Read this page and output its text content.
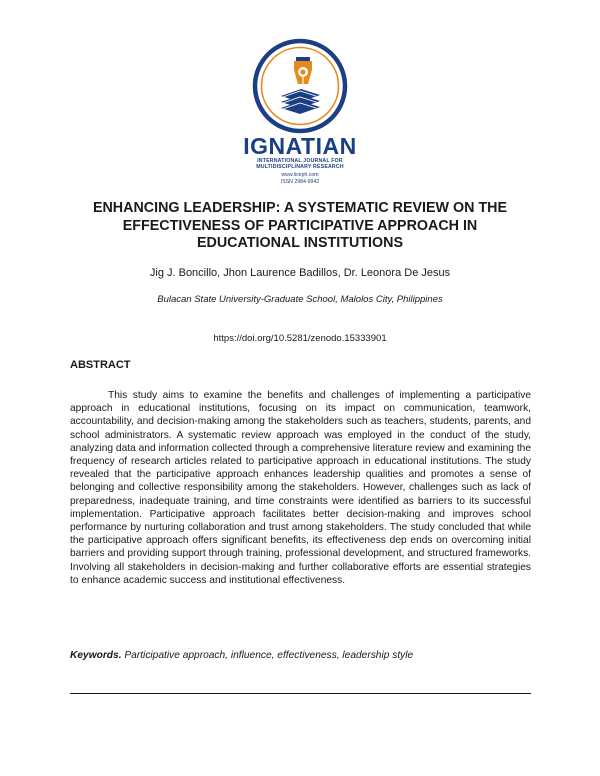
IGNATIAN
INTERNATIONAL JOURNAL FOR
MULTIDISCIPLINARY RESEARCH
www.iiceph.com
ISSN 2984-9942
ENHANCING LEADERSHIP: A SYSTEMATIC REVIEW ON THE
EFFECTIVENESS OF PARTICIPATIVE APPROACH IN
EDUCATIONAL INSTITUTIONS
Jig J. Boncillo, Jhon Laurence Badillos, Dr. Leonora De Jesus
Bulacan State University-Graduate School, Malolos City, Philippines
https://doi.org/10.5281/zenodo.15333901
ABSTRACT

This study aims to examine the benefits and challenges of implementing a participative approach in educational institutions, focusing on its impact on communication, teamwork, accountability, and decision-making among the stakeholders such as teachers, students, parents, and school administrators. A systematic review approach was employed in the conduct of the study, analyzing data and information collected through a comprehensive literature review and examining the frequency of research articles related to participative approach in educational institutions. The study revealed that the participative approach enhances leadership qualities and promotes a sense of belonging and collective responsibility among the stakeholders. However, challenges such as lack of preparedness, inadequate training, and time constraints were identified as barriers to its successful implementation. Participative approach facilitates better decision-making and improves school performance by nurturing collaboration and trust among stakeholders. The study concluded that while the participative approach offers significant benefits, its effectiveness dep ends on overcoming initial barriers and providing support through training, professional development, and structured frameworks. Involving all stakeholders in decision-making and further collaborative efforts are essential strategies to enhance academic success and institutional effectiveness.

Keywords. Participative approach, influence, effectiveness, leadership style
